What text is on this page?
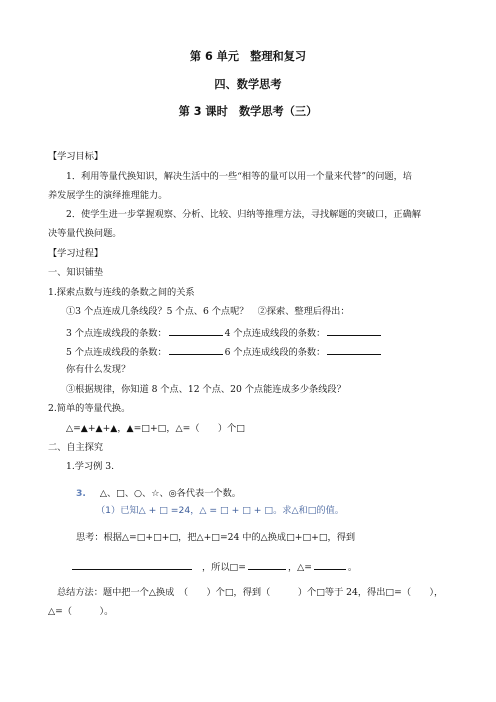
第 6 单元　整理和复习
四、数学思考
第 3 课时　数学思考（三）
【学习目标】
1．利用等量代换知识，解决生活中的一些“相等的量可以用一个量来代替”的问题，培
养发展学生的演绎推理能力。
2．使学生进一步掌握观察、分析、比较、归纳等推理方法，寻找解题的突破口，正确解
决等量代换问题。
【学习过程】
一、知识铺垫
1.探索点数与连线的条数之间的关系
①3 个点连成几条线段？5 个点、6 个点呢？　②探索、整理后得出：
3 个点连成线段的条数：	4 个点连成线段的条数：
5 个点连成线段的条数：	6 个点连成线段的条数：
你有什么发现？
③根据规律，你知道 8 个点、12 个点、20 个点能连成多少条线段？
2.简单的等量代换。
△=▲+▲+▲，▲=□+□，△=（　　）个□
二、自主探究
1.学习例 3.
3. △、□、○、☆、◎各代表一个数。
（1）已知△ + □ =24，△ = □ + □ + □。求△和□的值。
思考：根据△=□+□+□，把△+□=24 中的△换成□+□+□，得到
，所以□=	，△=	。
总结方法：题中把一个△换成　（　　）个□，得到（　　　）个□等于 24，得出□=（　　），
△=（　　　）。
